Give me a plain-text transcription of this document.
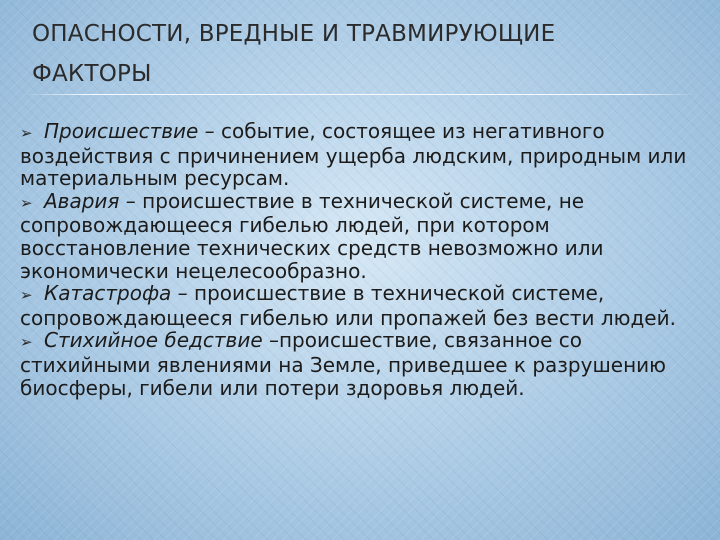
ОПАСНОСТИ, ВРЕДНЫЕ И ТРАВМИРУЮЩИЕ ФАКТОРЫ

➢ Происшествие – событие, состоящее из негативного воздействия с причинением ущерба людским, природным или материальным ресурсам.

➢ Авария – происшествие в технической системе, не сопровождающееся гибелью людей, при котором восстановление технических средств невозможно или экономически нецелесообразно.

➢ Катастрофа – происшествие в технической системе, сопровождающееся гибелью или пропажей без вести людей.

➢ Стихийное бедствие –происшествие, связанное со стихийными явлениями на Земле, приведшее к разрушению биосферы, гибели или потери здоровья людей.
